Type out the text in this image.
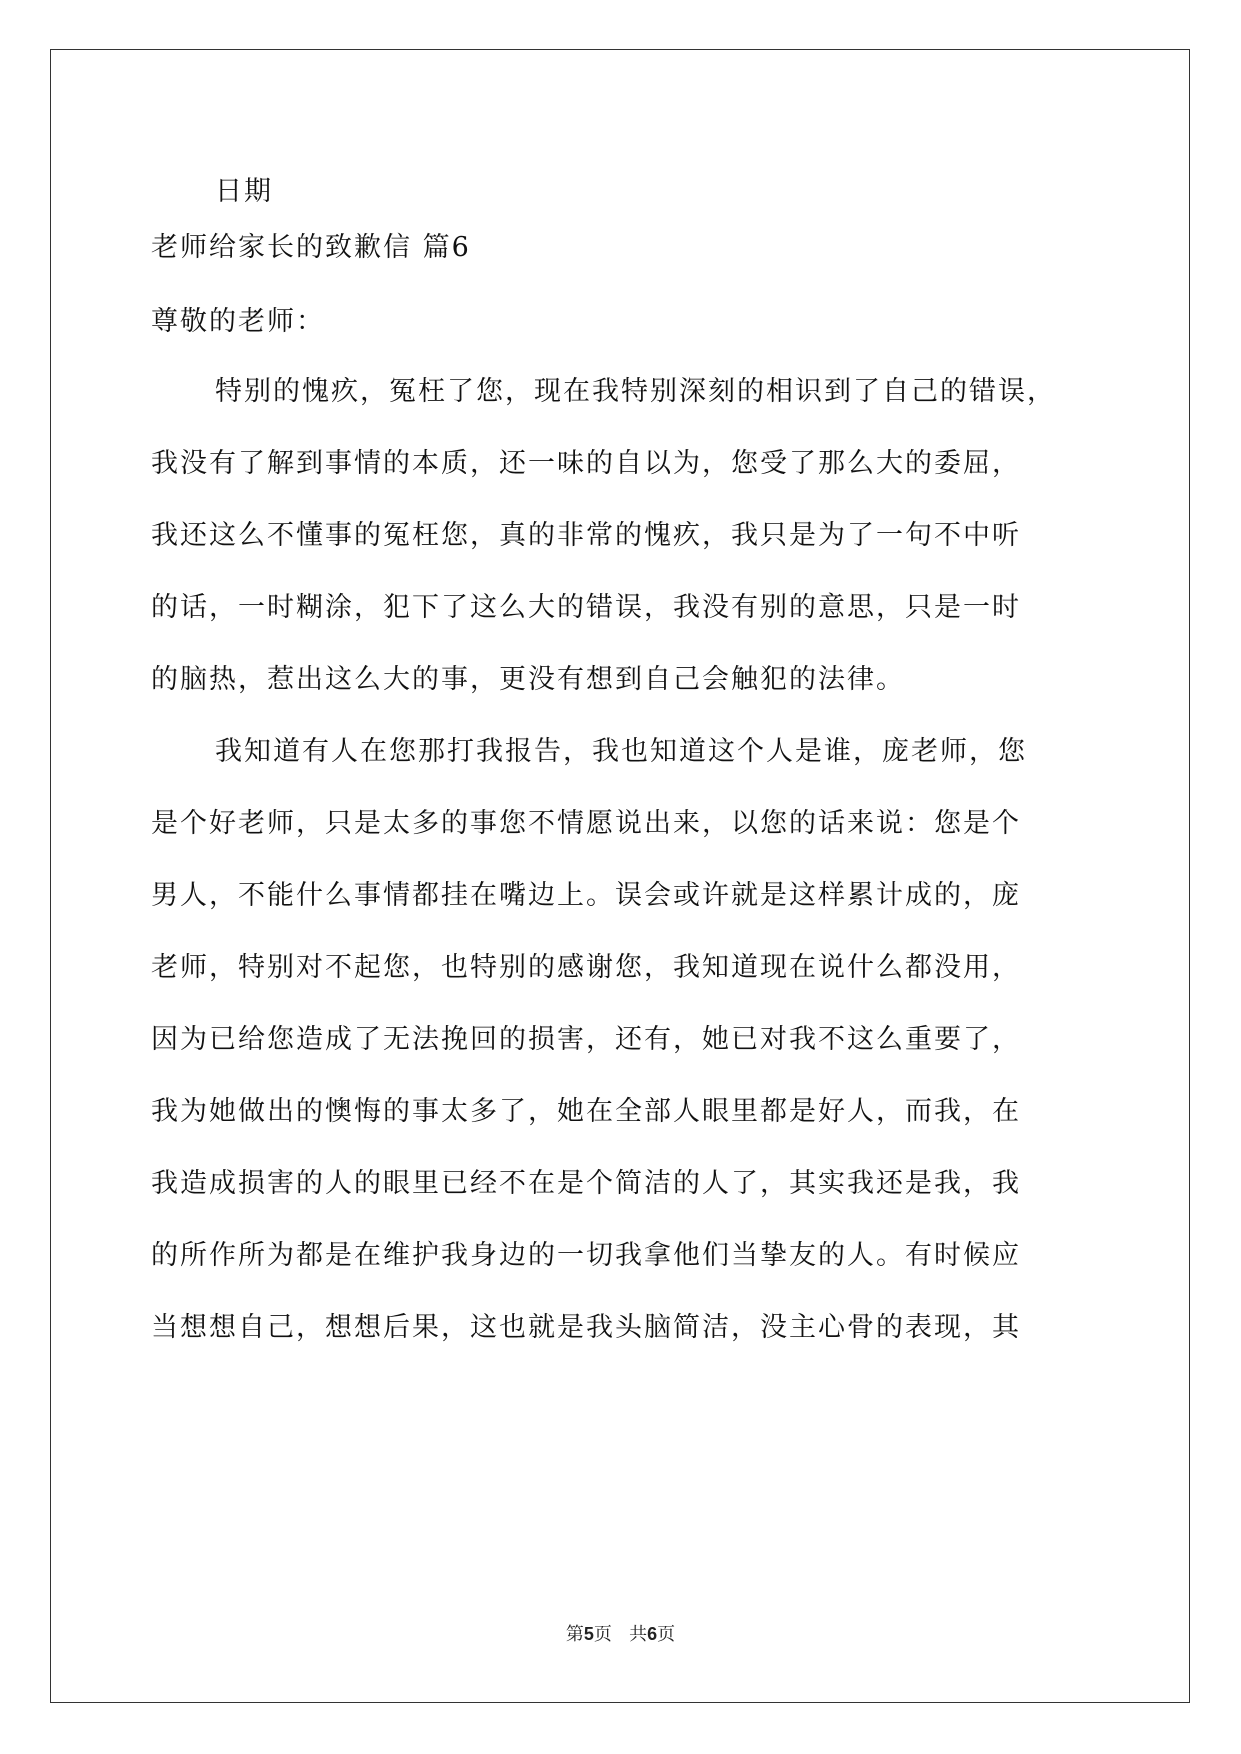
日期
老师给家长的致歉信 篇6
尊敬的老师：
特别的愧疚，冤枉了您，现在我特别深刻的相识到了自己的错误，
我没有了解到事情的本质，还一味的自以为，您受了那么大的委屈，
我还这么不懂事的冤枉您，真的非常的愧疚，我只是为了一句不中听
的话，一时糊涂，犯下了这么大的错误，我没有别的意思，只是一时
的脑热，惹出这么大的事，更没有想到自己会触犯的法律。
我知道有人在您那打我报告，我也知道这个人是谁，庞老师，您
是个好老师，只是太多的事您不情愿说出来，以您的话来说：您是个
男人，不能什么事情都挂在嘴边上。误会或许就是这样累计成的，庞
老师，特别对不起您，也特别的感谢您，我知道现在说什么都没用，
因为已给您造成了无法挽回的损害，还有，她已对我不这么重要了，
我为她做出的懊悔的事太多了，她在全部人眼里都是好人，而我，在
我造成损害的人的眼里已经不在是个简洁的人了，其实我还是我，我
的所作所为都是在维护我身边的一切我拿他们当挚友的人。有时候应
当想想自己，想想后果，这也就是我头脑简洁，没主心骨的表现，其
第5页 共6页
